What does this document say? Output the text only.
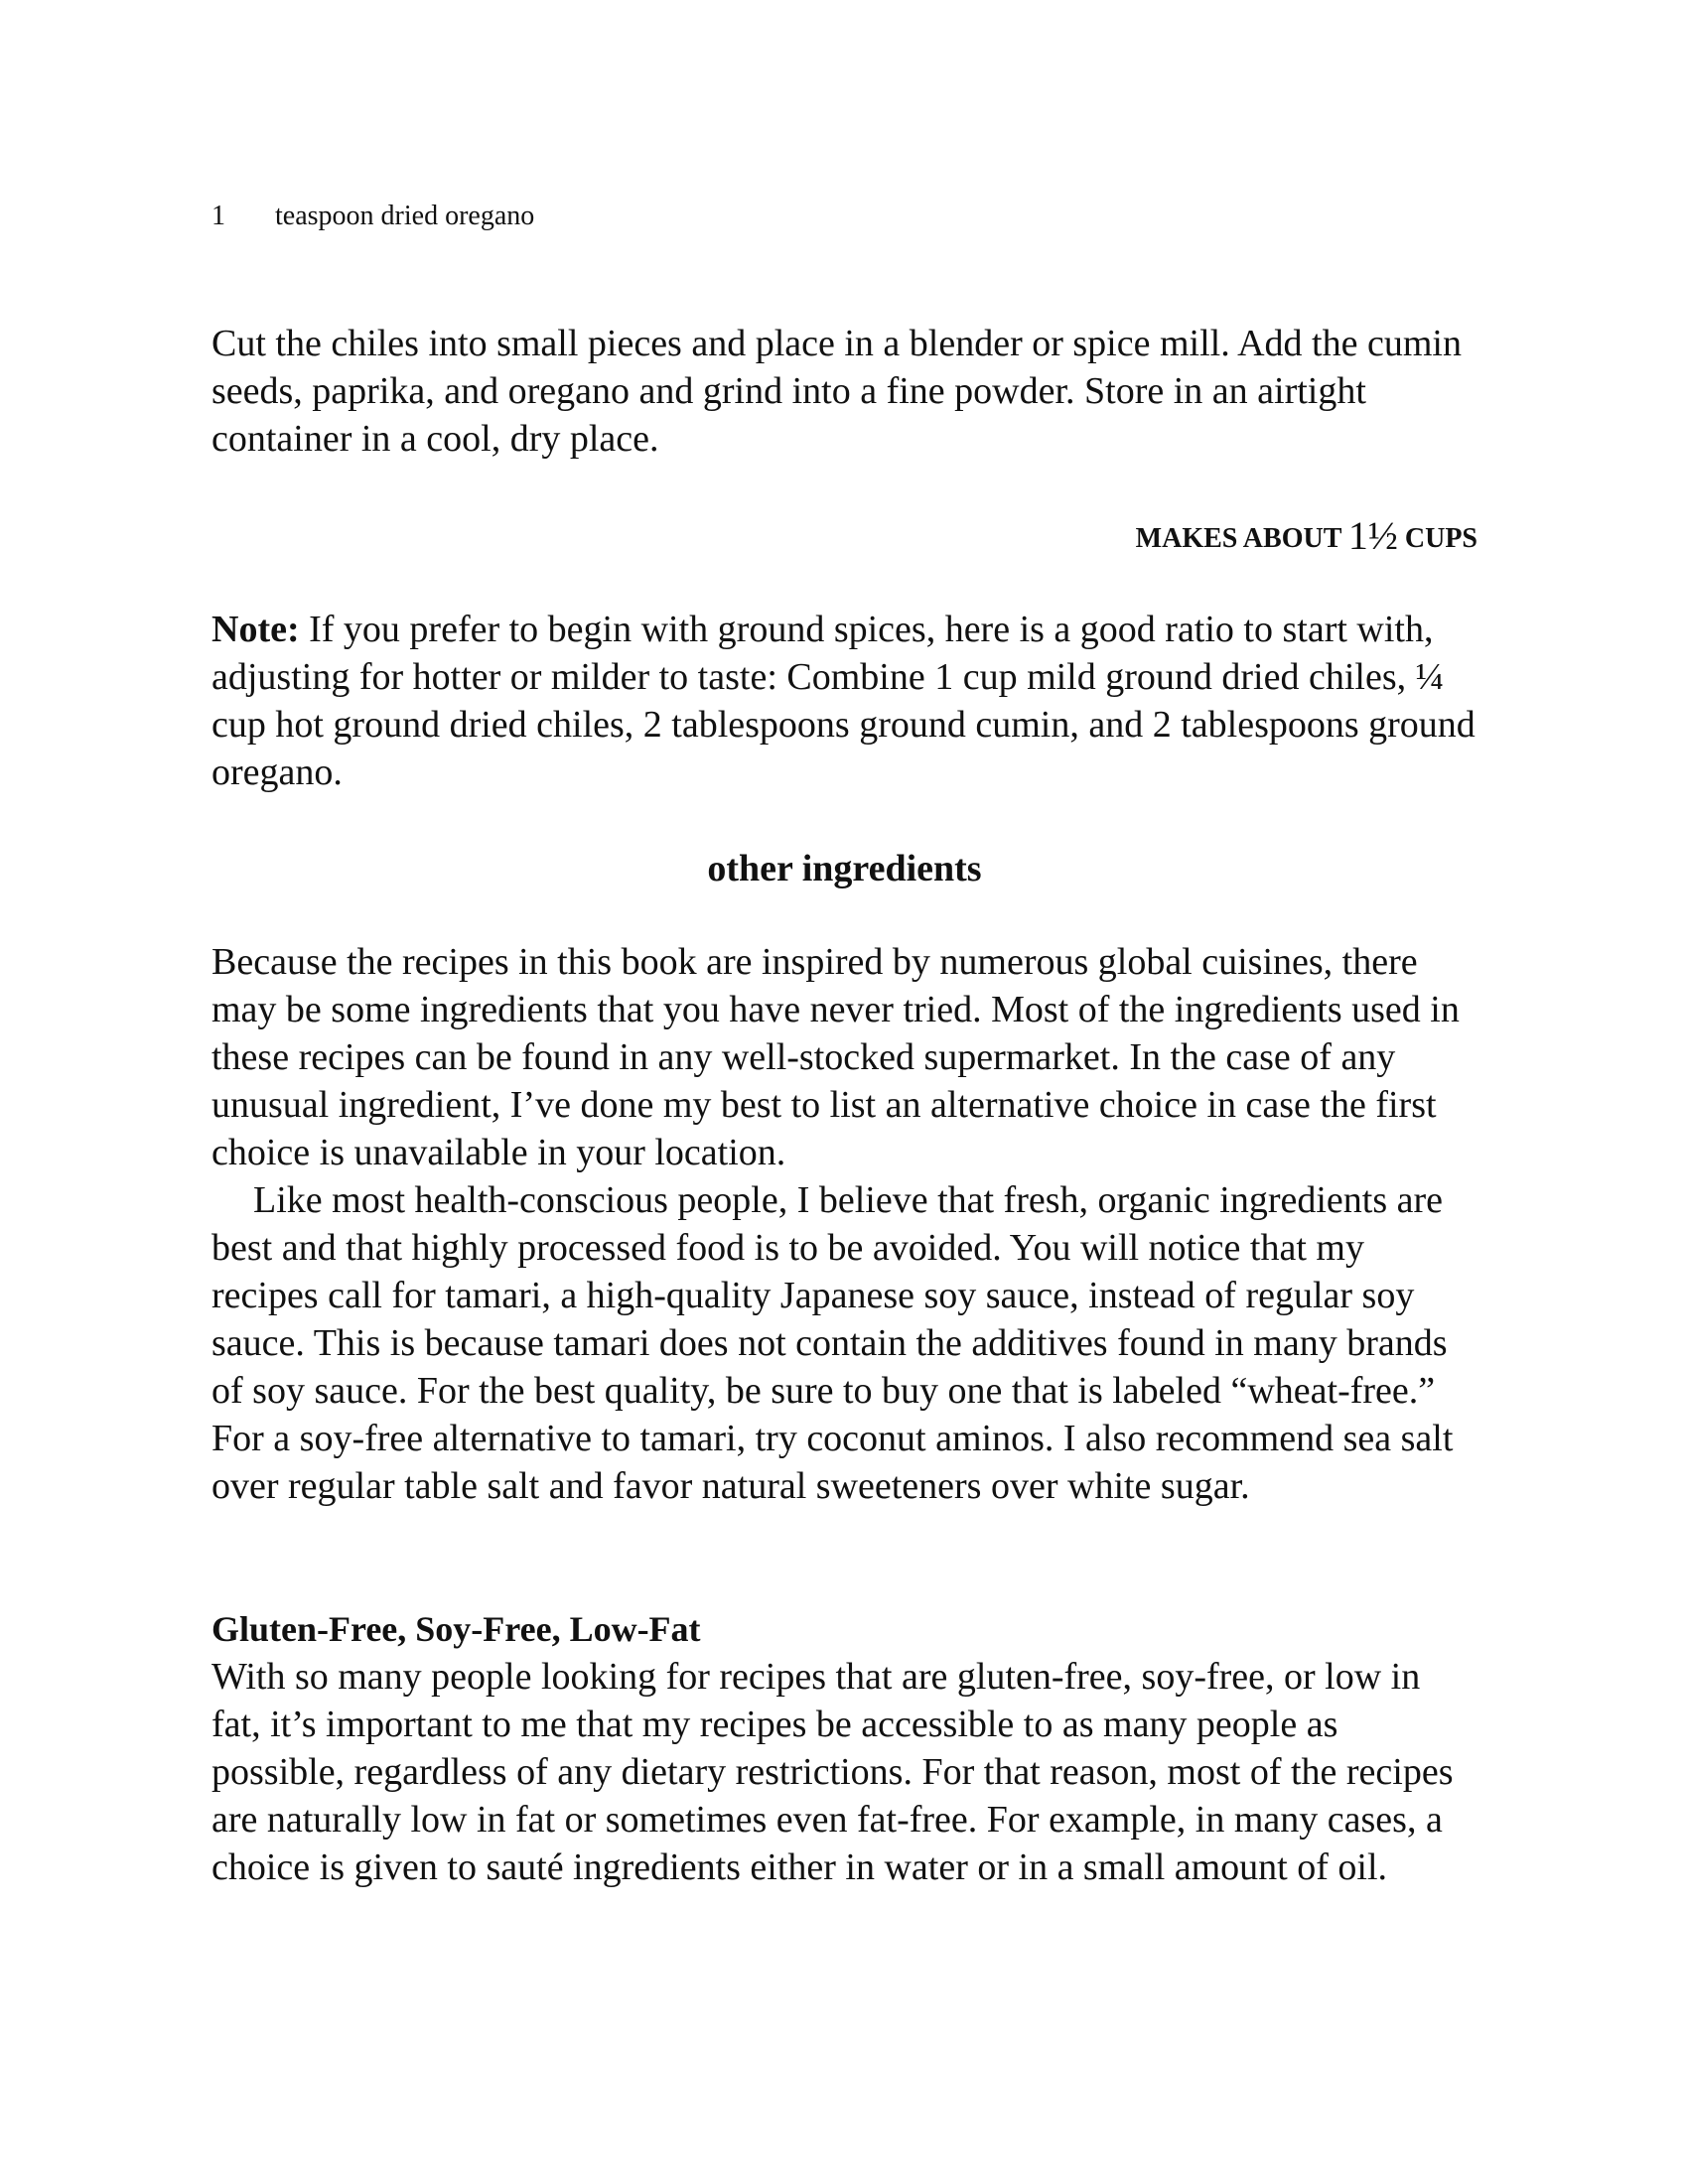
1 teaspoon dried oregano

Cut the chiles into small pieces and place in a blender or spice mill. Add the cumin seeds, paprika, and oregano and grind into a fine powder. Store in an airtight container in a cool, dry place.

MAKES ABOUT 1½ CUPS

Note: If you prefer to begin with ground spices, here is a good ratio to start with, adjusting for hotter or milder to taste: Combine 1 cup mild ground dried chiles, ¼ cup hot ground dried chiles, 2 tablespoons ground cumin, and 2 tablespoons ground oregano.

other ingredients

Because the recipes in this book are inspired by numerous global cuisines, there may be some ingredients that you have never tried. Most of the ingredients used in these recipes can be found in any well-stocked supermarket. In the case of any unusual ingredient, I’ve done my best to list an alternative choice in case the first choice is unavailable in your location.

Like most health-conscious people, I believe that fresh, organic ingredients are best and that highly processed food is to be avoided. You will notice that my recipes call for tamari, a high-quality Japanese soy sauce, instead of regular soy sauce. This is because tamari does not contain the additives found in many brands of soy sauce. For the best quality, be sure to buy one that is labeled “wheat-free.” For a soy-free alternative to tamari, try coconut aminos. I also recommend sea salt over regular table salt and favor natural sweeteners over white sugar.

Gluten-Free, Soy-Free, Low-Fat

With so many people looking for recipes that are gluten-free, soy-free, or low in fat, it’s important to me that my recipes be accessible to as many people as possible, regardless of any dietary restrictions. For that reason, most of the recipes are naturally low in fat or sometimes even fat-free. For example, in many cases, a choice is given to sauté ingredients either in water or in a small amount of oil.
